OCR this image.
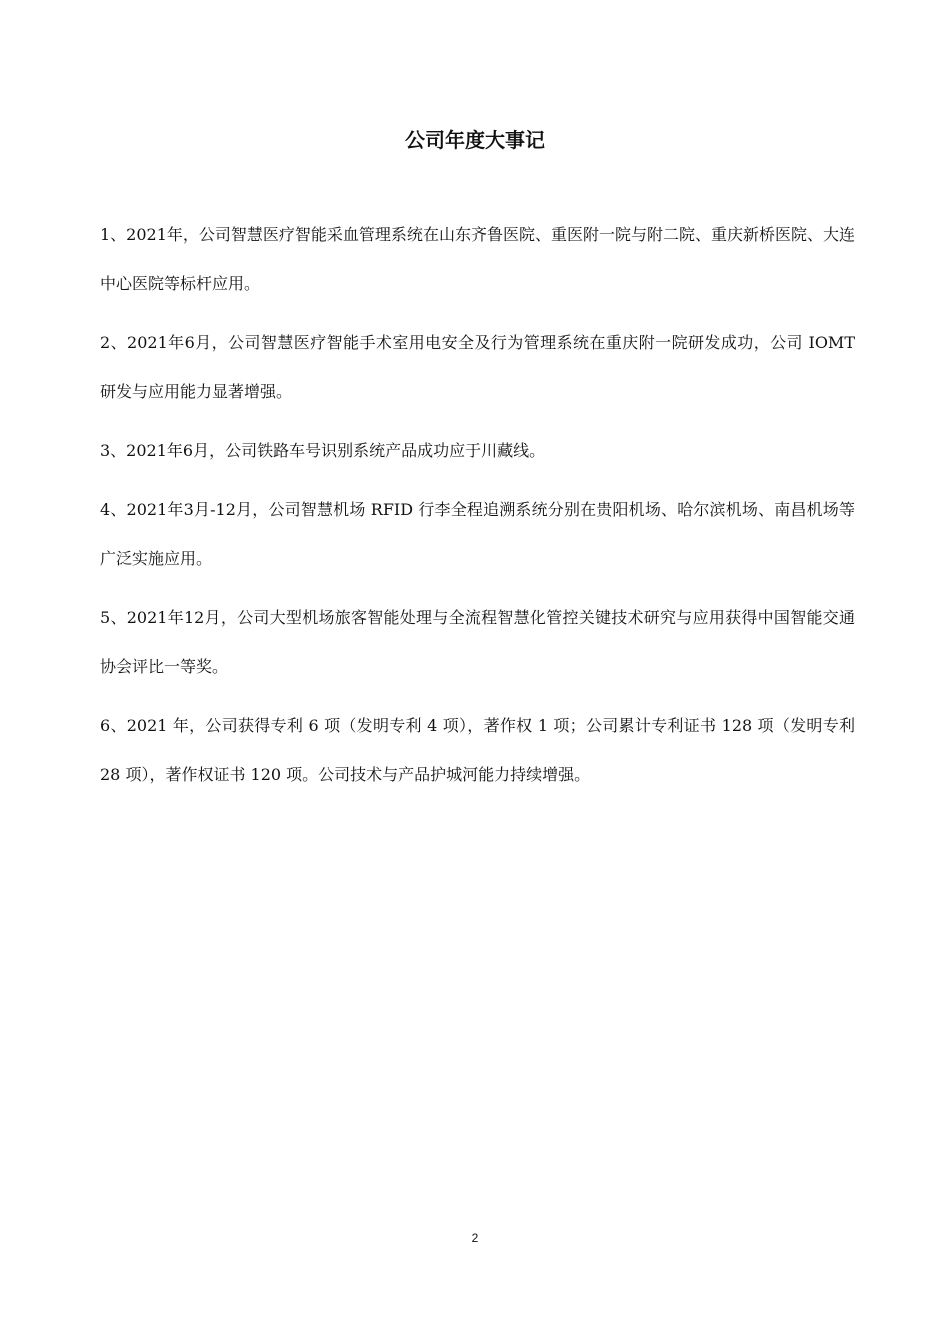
公司年度大事记

1、2021年，公司智慧医疗智能采血管理系统在山东齐鲁医院、重医附一院与附二院、重庆新桥医院、大连中心医院等标杆应用。

2、2021年6月，公司智慧医疗智能手术室用电安全及行为管理系统在重庆附一院研发成功，公司 IOMT 研发与应用能力显著增强。

3、2021年6月，公司铁路车号识别系统产品成功应于川藏线。

4、2021年3月-12月，公司智慧机场 RFID 行李全程追溯系统分别在贵阳机场、哈尔滨机场、南昌机场等广泛实施应用。

5、2021年12月，公司大型机场旅客智能处理与全流程智慧化管控关键技术研究与应用获得中国智能交通协会评比一等奖。

6、2021 年，公司获得专利 6 项（发明专利 4 项），著作权 1 项；公司累计专利证书 128 项（发明专利 28 项），著作权证书 120 项。公司技术与产品护城河能力持续增强。

2
